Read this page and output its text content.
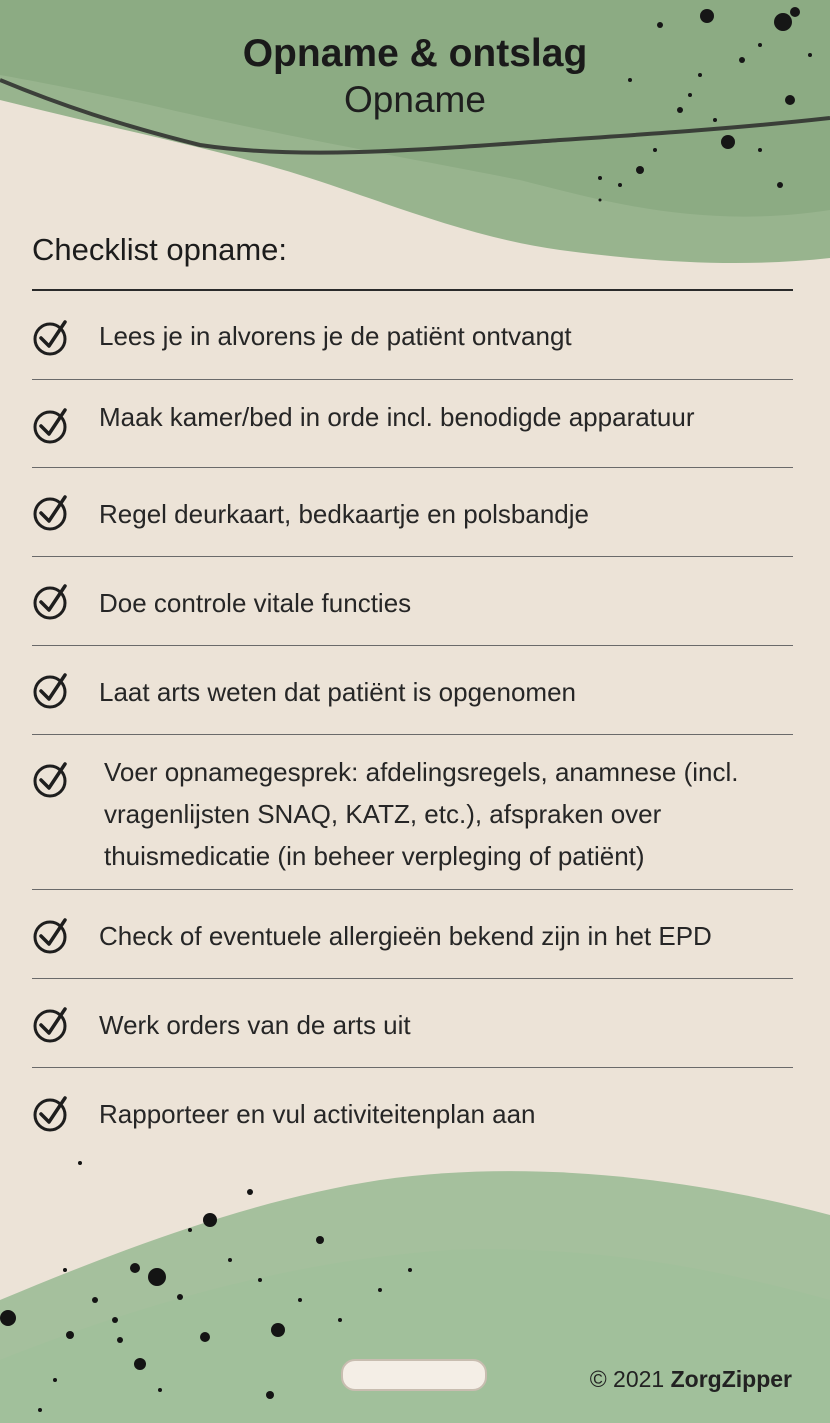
Opname & ontslag
Opname
Checklist opname:
Lees je in alvorens je de patiënt ontvangt
Maak kamer/bed in orde incl. benodigde apparatuur
Regel deurkaart, bedkaartje en polsbandje
Doe controle vitale functies
Laat arts weten dat patiënt is opgenomen
Voer opnamegesprek: afdelingsregels, anamnese (incl. vragenlijsten SNAQ, KATZ, etc.), afspraken over thuismedicatie (in beheer verpleging of patiënt)
Check of eventuele allergieën bekend zijn in het EPD
Werk orders van de arts uit
Rapporteer en vul activiteitenplan aan
© 2021 ZorgZipper
